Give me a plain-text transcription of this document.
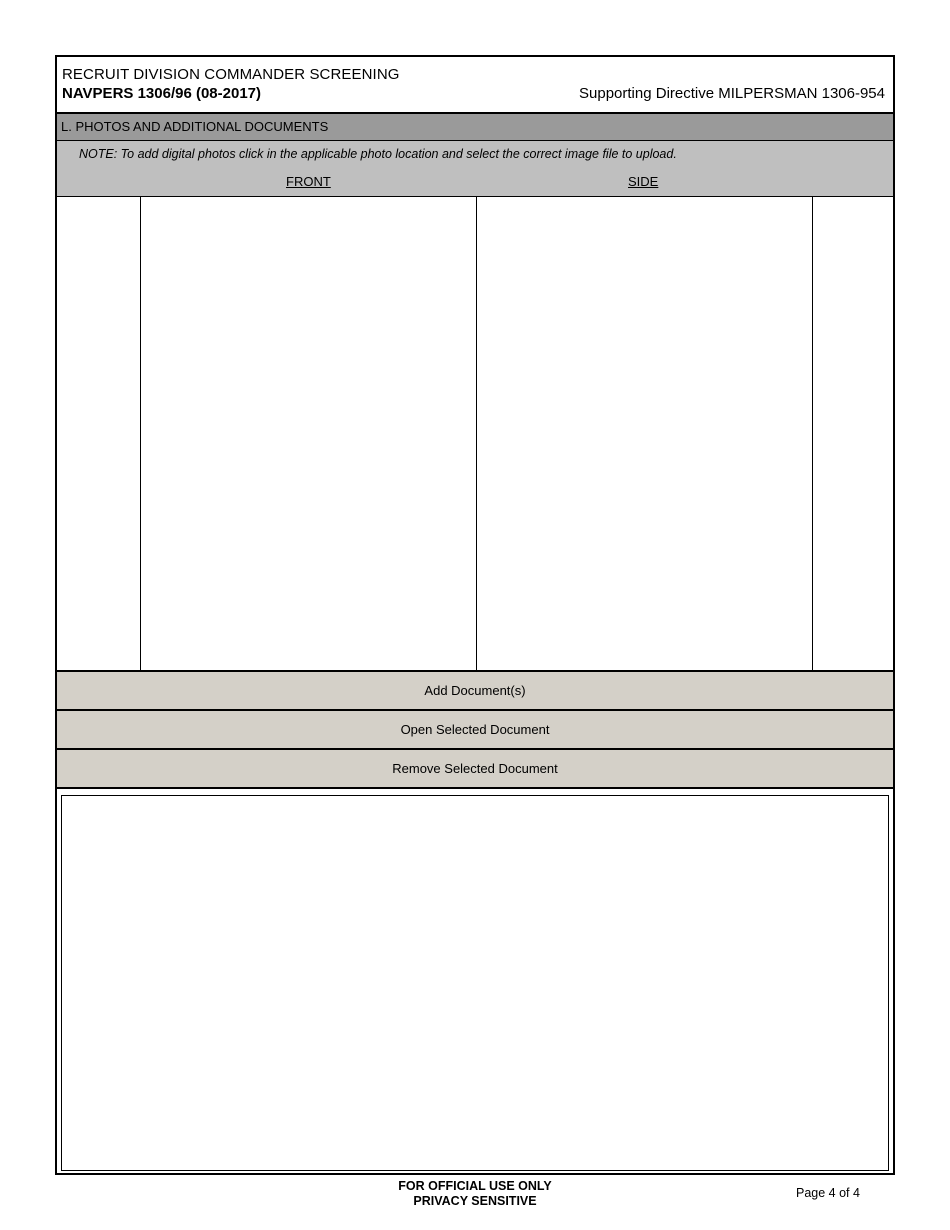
RECRUIT DIVISION COMMANDER SCREENING
NAVPERS 1306/96 (08-2017)	Supporting Directive MILPERSMAN 1306-954
L. PHOTOS AND ADDITIONAL DOCUMENTS
NOTE: To add digital photos click in the applicable photo location and select the correct image file to upload.
FRONT	SIDE
Add Document(s)
Open Selected Document
Remove Selected Document
FOR OFFICIAL USE ONLY
PRIVACY SENSITIVE
Page 4 of 4
